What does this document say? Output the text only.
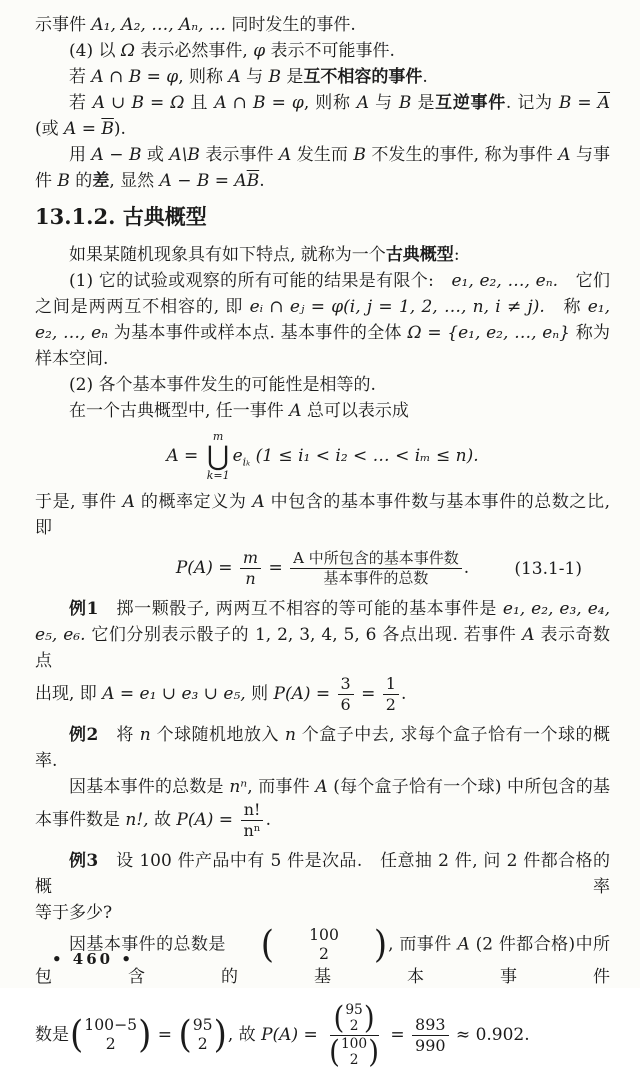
示事件 A₁, A₂, …, Aₙ, … 同时发生的事件.
(4) 以 Ω 表示必然事件, φ 表示不可能事件.
若 A ∩ B = φ, 则称 A 与 B 是互不相容的事件.
若 A ∪ B = Ω 且 A ∩ B = φ, 则称 A 与 B 是互逆事件. 记为 $B = \overline{A}$
(或 $A = \overline{B}$).
用 A − B 或 A\B 表示事件 A 发生而 B 不发生的事件, 称为事件 A 与事
件 B 的差, 显然 $A - B = A\overline{B}$.
13.1.2. 古典概型
如果某随机现象具有如下特点, 就称为一个古典概型:
(1) 它的试验或观察的所有可能的结果是有限个:　e₁, e₂, …, eₙ.　它们
之间是两两互不相容的, 即 eᵢ ∩ eⱼ = φ(i, j = 1, 2, …, n, i ≠ j).　称 e₁,
e₂, …, eₙ 为基本事件或样本点. 基本事件的全体 Ω = {e₁, e₂, …, eₙ} 称为
样本空间.
(2) 各个基本事件发生的可能性是相等的.
在一个古典概型中, 任一事件 A 总可以表示成
A =
m
⋃
k=1
$e_{i_k}$ (1 ≤ i₁ < i₂ < … < iₘ ≤ n).
于是, 事件 A 的概率定义为 A 中包含的基本事件数与基本事件的总数之比, 即
$P(A) = \frac{m}{n} = \frac{\text{A 中所包含的基本事件数}}{\text{基本事件的总数}}$ .	(13.1-1)
例1　掷一颗骰子, 两两互不相容的等可能的基本事件是 e₁, e₂, e₃, e₄,
e₅, e₆. 它们分别表示骰子的 1, 2, 3, 4, 5, 6 各点出现. 若事件 A 表示奇数点
出现, 即 A = e₁ ∪ e₃ ∪ e₅, 则 $P(A) = \frac{3}{6} = \frac{1}{2}$ .
例2　将 n 个球随机地放入 n 个盒子中去, 求每个盒子恰有一个球的概率.
因基本事件的总数是 nⁿ, 而事件 A (每个盒子恰有一个球) 中所包含的基
本事件数是 n!, 故 $P(A) = \frac{n!}{\text{nⁿ}}$ .
例3　设 100 件产品中有 5 件是次品.　任意抽 2 件, 问 2 件都合格的概率
等于多少?
因基本事件的总数是	(	100
2	) , 而事件 A (2 件都合格)中所包含的基本事件
数是 ( 100−5
2 ) = ( 95
2 ) , 故 P(A) = ( 95
2 )
( 100
2 ) = $\frac{893}{990} \approx 0.902$.
• 460 •
